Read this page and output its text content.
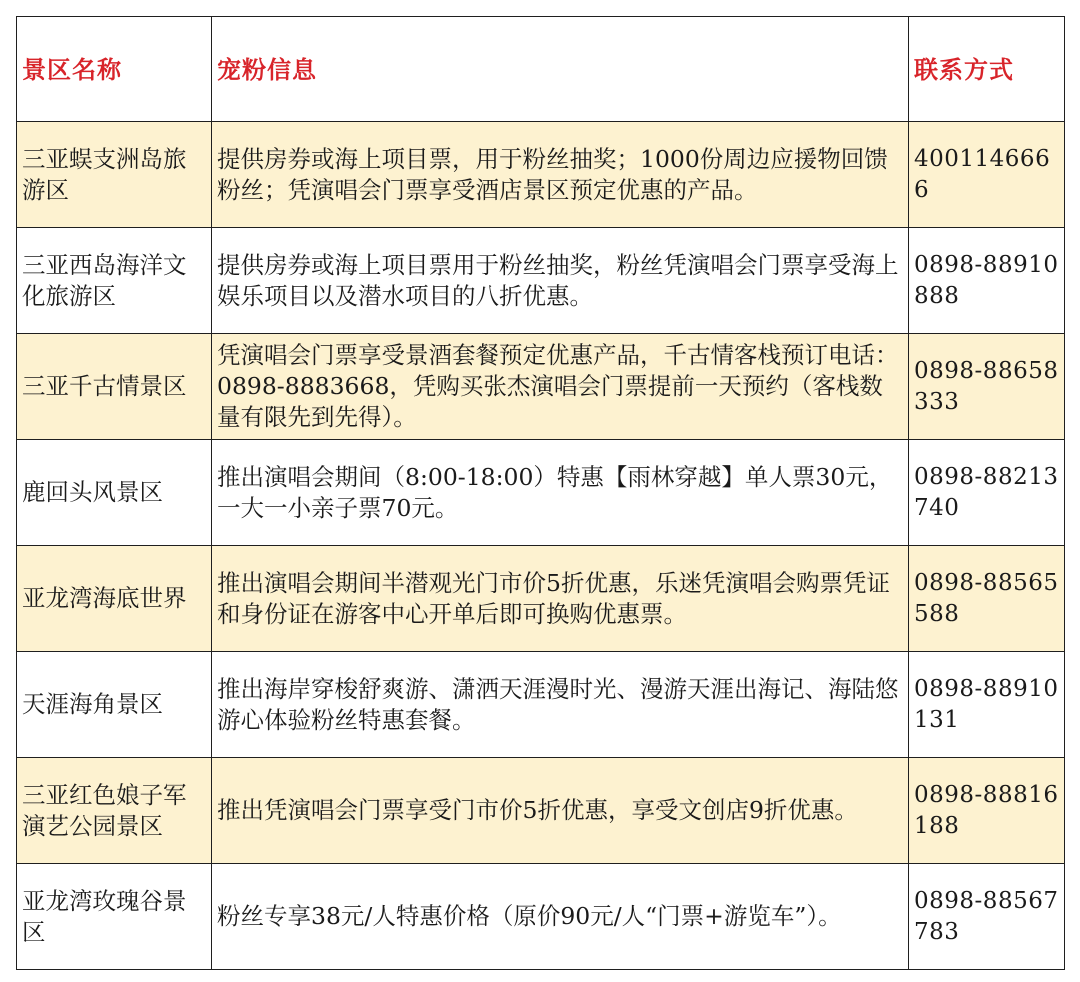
景区名称	宠粉信息	联系方式
三亚蜈支洲岛旅游区	提供房券或海上项目票，用于粉丝抽奖；1000份周边应援物回馈粉丝；凭演唱会门票享受酒店景区预定优惠的产品。	4001146666
三亚西岛海洋文化旅游区	提供房券或海上项目票用于粉丝抽奖，粉丝凭演唱会门票享受海上娱乐项目以及潜水项目的八折优惠。	0898-88910888
三亚千古情景区	凭演唱会门票享受景酒套餐预定优惠产品，千古情客栈预订电话：0898-8883668，凭购买张杰演唱会门票提前一天预约（客栈数量有限先到先得）。	0898-88658333
鹿回头风景区	推出演唱会期间（8:00-18:00）特惠【雨林穿越】单人票30元，一大一小亲子票70元。	0898-88213740
亚龙湾海底世界	推出演唱会期间半潜观光门市价5折优惠，乐迷凭演唱会购票凭证和身份证在游客中心开单后即可换购优惠票。	0898-88565588
天涯海角景区	推出海岸穿梭舒爽游、潇洒天涯漫时光、漫游天涯出海记、海陆悠游心体验粉丝特惠套餐。	0898-88910131
三亚红色娘子军演艺公园景区	推出凭演唱会门票享受门市价5折优惠，享受文创店9折优惠。	0898-88816188
亚龙湾玫瑰谷景区	粉丝专享38元/人特惠价格（原价90元/人“门票+游览车”）。	0898-88567783
